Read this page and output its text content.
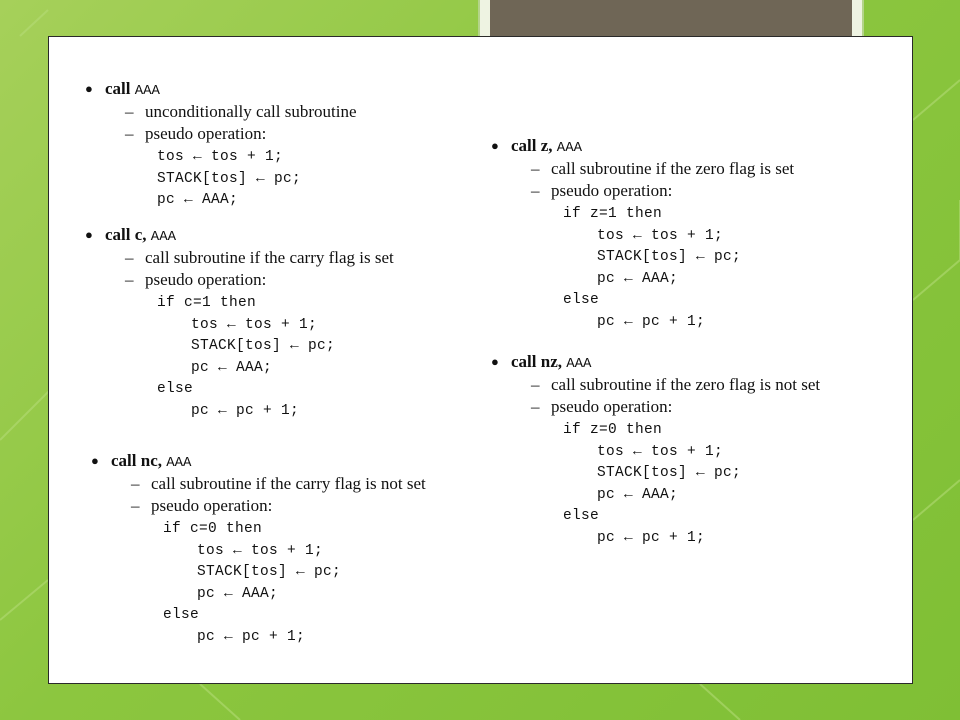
● call AAA
– unconditionally call subroutine
– pseudo operation:
tos ← tos + 1;
STACK[tos] ← pc;
pc ← AAA;
● call c, AAA
– call subroutine if the carry flag is set
– pseudo operation:
if c=1 then
tos ← tos + 1;
STACK[tos] ← pc;
pc ← AAA;
else
pc ← pc + 1;
● call nc, AAA
– call subroutine if the carry flag is not set
– pseudo operation:
if c=0 then
tos ← tos + 1;
STACK[tos] ← pc;
pc ← AAA;
else
pc ← pc + 1;
● call z, AAA
– call subroutine if the zero flag is set
– pseudo operation:
if z=1 then
tos ← tos + 1;
STACK[tos] ← pc;
pc ← AAA;
else
pc ← pc + 1;
● call nz, AAA
– call subroutine if the zero flag is not set
– pseudo operation:
if z=0 then
tos ← tos + 1;
STACK[tos] ← pc;
pc ← AAA;
else
pc ← pc + 1;
